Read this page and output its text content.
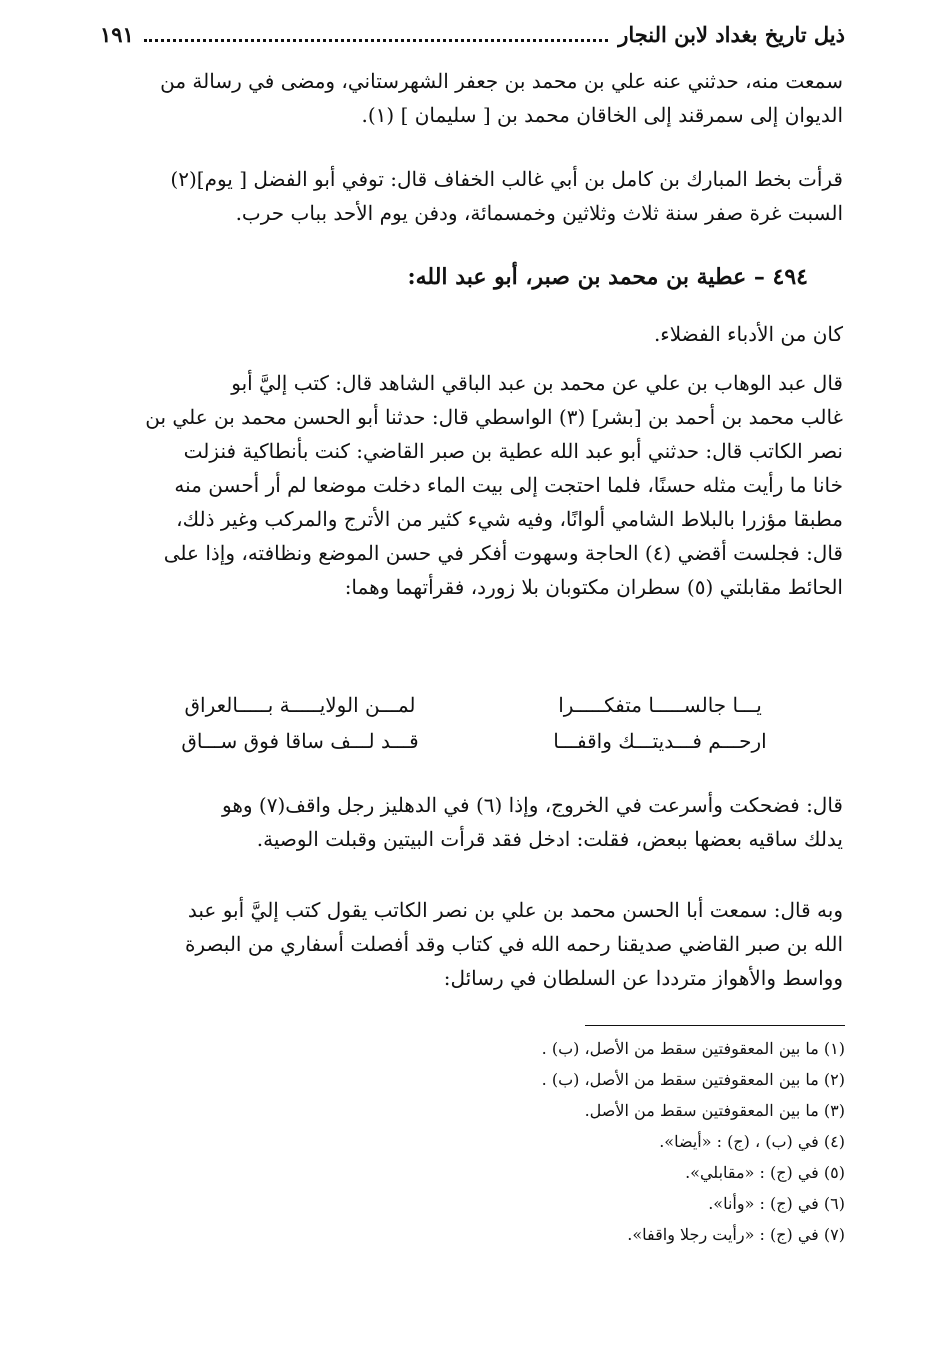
ذيل تاريخ بغداد لابن النجار
١٩١
سمعت منه، حدثني عنه علي بن محمد بن جعفر الشهرستاني، ومضى في رسالة من
الديوان إلى سمرقند إلى الخاقان محمد بن [ سليمان ] (١).
قرأت بخط المبارك بن كامل بن أبي غالب الخفاف قال: توفي أبو الفضل [ يوم](٢)
السبت غرة صفر سنة ثلاث وثلاثين وخمسمائة، ودفن يوم الأحد بباب حرب.
٤٩٤ – عطية بن محمد بن صبر، أبو عبد الله:
كان من الأدباء الفضلاء.
قال عبد الوهاب بن علي عن محمد بن عبد الباقي الشاهد قال: كتب إليَّ أبو
غالب محمد بن أحمد بن [بشر] (٣) الواسطي قال: حدثنا أبو الحسن محمد بن علي بن
نصر الكاتب قال: حدثني أبو عبد الله عطية بن صبر القاضي: كنت بأنطاكية فنزلت
خانا ما رأيت مثله حسنًا، فلما احتجت إلى بيت الماء دخلت موضعا لم أر أحسن منه
مطبقا مؤزرا بالبلاط الشامي ألوانًا، وفيه شيء كثير من الأترج والمركب وغير ذلك،
قال: فجلست أقضي (٤) الحاجة وسهوت أفكر في حسن الموضع ونظافته، وإذا على
الحائط مقابلتي (٥) سطران مكتوبان بلا زورد، فقرأتهما وهما:
يـــا جالســـــا متفكـــــرا
لمـــن الولايـــــة بـــــالعراق
ارحـــم فـــديتـــك واقفـــا
قـــد لـــف ساقا فوق ســـاق
قال: فضحكت وأسرعت في الخروج، وإذا (٦) في الدهليز رجل واقف(٧) وهو
يدلك ساقيه بعضها ببعض، فقلت: ادخل فقد قرأت البيتين وقبلت الوصية.
وبه قال: سمعت أبا الحسن محمد بن علي بن نصر الكاتب يقول كتب إليَّ أبو عبد
الله بن صبر القاضي صديقنا رحمه الله في كتاب وقد أفصلت أسفاري من البصرة
وواسط والأهواز مترددا عن السلطان في رسائل:
(١) ما بين المعقوفتين سقط من الأصل، (ب) .
(٢) ما بين المعقوفتين سقط من الأصل، (ب) .
(٣) ما بين المعقوفتين سقط من الأصل.
(٤) في (ب) ، (ج) : «أيضا».
(٥) في (ج) : «مقابلي».
(٦) في (ج) : «وأنا».
(٧) في (ج) : «رأيت رجلا واقفا».
